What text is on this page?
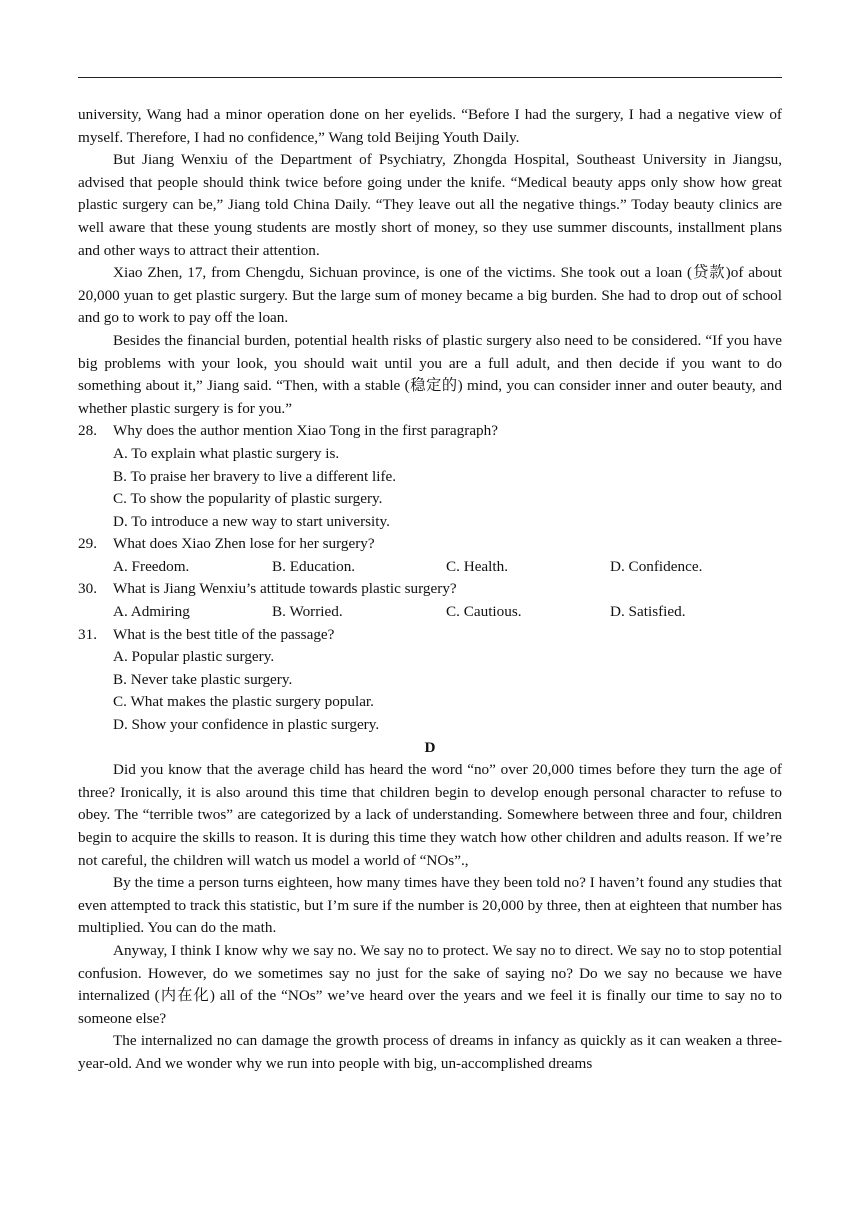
university, Wang had a minor operation done on her eyelids. “Before I had the surgery, I had a negative view of myself. Therefore, I had no confidence,” Wang told Beijing Youth Daily.

But Jiang Wenxiu of the Department of Psychiatry, Zhongda Hospital, Southeast University in Jiangsu, advised that people should think twice before going under the knife. “Medical beauty apps only show how great plastic surgery can be,” Jiang told China Daily. “They leave out all the negative things.” Today beauty clinics are well aware that these young students are mostly short of money, so they use summer discounts, installment plans and other ways to attract their attention.

Xiao Zhen, 17, from Chengdu, Sichuan province, is one of the victims. She took out a loan (贷款)of about 20,000 yuan to get plastic surgery. But the large sum of money became a big burden. She had to drop out of school and go to work to pay off the loan.

Besides the financial burden, potential health risks of plastic surgery also need to be considered. “If you have big problems with your look, you should wait until you are a full adult, and then decide if you want to do something about it,” Jiang said. “Then, with a stable (稳定的) mind, you can consider inner and outer beauty, and whether plastic surgery is for you.”

28.	Why does the author mention Xiao Tong in the first paragraph?

A. To explain what plastic surgery is.

B. To praise her bravery to live a different life.

C. To show the popularity of plastic surgery.

D. To introduce a new way to start university.

29.	What does Xiao Zhen lose for her surgery?
A. Freedom.	B. Education.	C. Health.	D. Confidence.
30.	What is Jiang Wenxiu’s attitude towards plastic surgery?
A. Admiring	B. Worried.	C. Cautious.	D. Satisfied.
31.	What is the best title of the passage?

A. Popular plastic surgery.

B. Never take plastic surgery.

C. What makes the plastic surgery popular.

D. Show your confidence in plastic surgery.

D

Did you know that the average child has heard the word “no” over 20,000 times before they turn the age of three? Ironically, it is also around this time that children begin to develop enough personal character to refuse to obey. The “terrible twos” are categorized by a lack of understanding. Somewhere between three and four, children begin to acquire the skills to reason. It is during this time they watch how other children and adults reason. If we’re not careful, the children will watch us model a world of “NOs”.,

By the time a person turns eighteen, how many times have they been told no? I haven’t found any studies that even attempted to track this statistic, but I’m sure if the number is 20,000 by three, then at eighteen that number has multiplied. You can do the math.

Anyway, I think I know why we say no. We say no to protect. We say no to direct. We say no to stop potential confusion. However, do we sometimes say no just for the sake of saying no? Do we say no because we have internalized (内在化) all of the “NOs” we’ve heard over the years and we feel it is finally our time to say no to someone else?

The internalized no can damage the growth process of dreams in infancy as quickly as it can weaken a three-year-old. And we wonder why we run into people with big, un-accomplished dreams
